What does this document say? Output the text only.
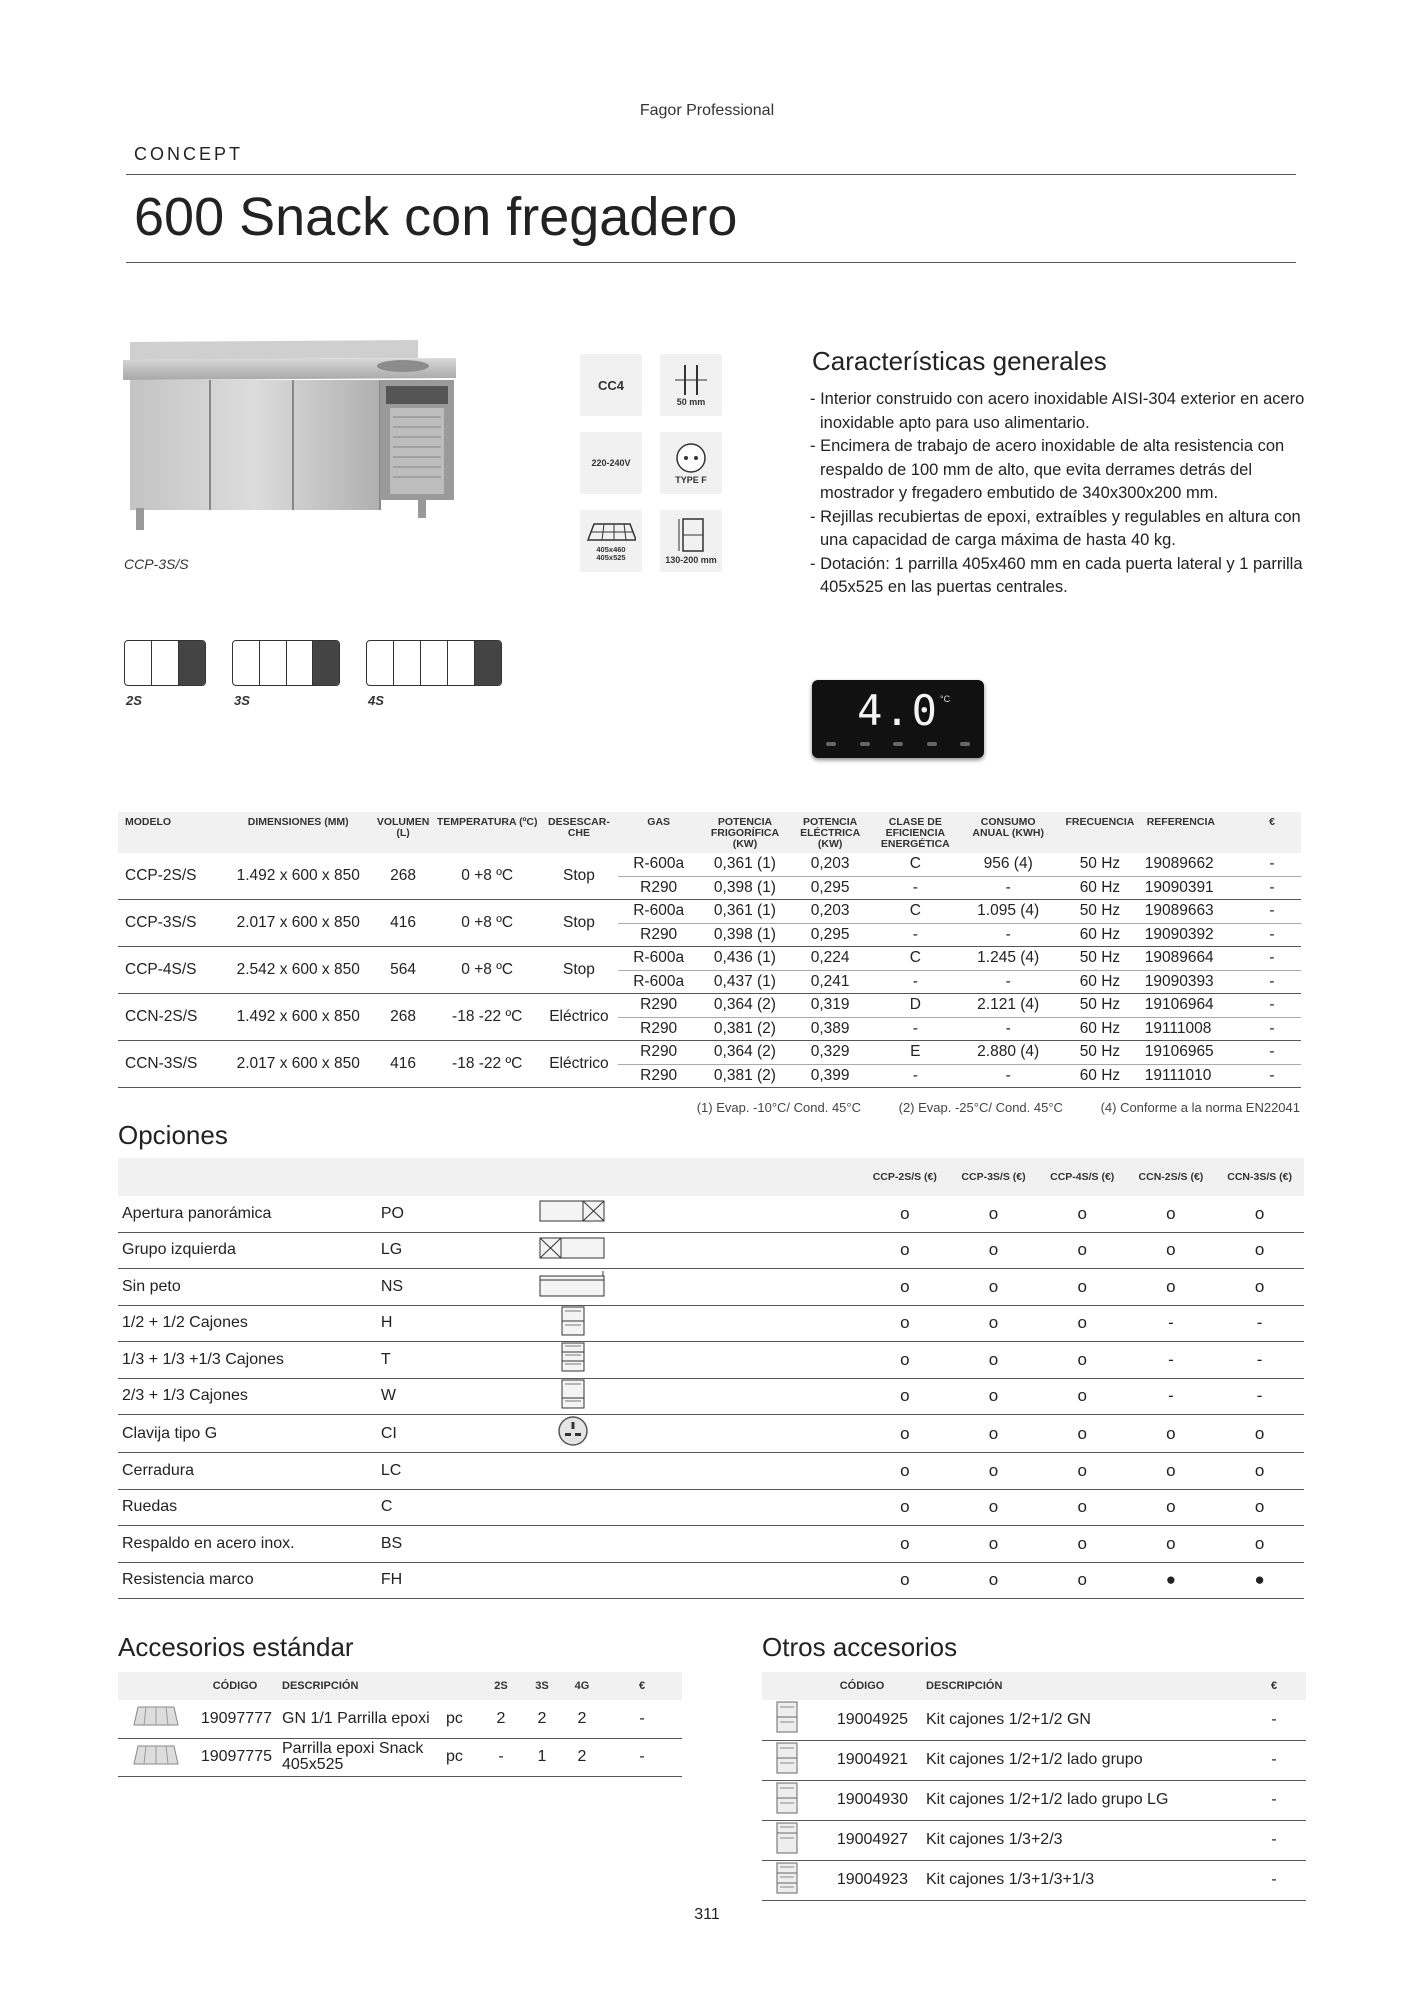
Fagor Professional
CONCEPT
600 Snack con fregadero
CCP-3S/S
CC4
50 mm
220-240V
TYPE F
405x460 405x525	130-200 mm
Características generales
- Interior construido con acero inoxidable AISI-304 exterior en acero inoxidable apto para uso alimentario.
- Encimera de trabajo de acero inoxidable de alta resistencia con respaldo de 100 mm de alto, que evita derrames detrás del mostrador y fregadero embutido de 340x300x200 mm.
- Rejillas recubiertas de epoxi, extraíbles y regulables en altura con una capacidad de carga máxima de hasta 40 kg.
- Dotación: 1 parrilla 405x460 mm en cada puerta lateral y 1 parrilla 405x525 en las puertas centrales.
2S	3S	4S	4.0 °C
MODELO	DIMENSIONES (MM)	VOLUMEN (L)	TEMPERATURA (ºC)	DESESCAR-CHE	GAS	POTENCIA FRIGORÍFICA (KW)	POTENCIA ELÉCTRICA (KW)	CLASE DE EFICIENCIA ENERGÉTICA	CONSUMO ANUAL (KWH)	FRECUENCIA	REFERENCIA	€
CCP-2S/S	1.492 x 600 x 850	268	0 +8 ºC	Stop	R-600a	0,361 (1)	0,203	C	956 (4)	50 Hz	19089662	-
					R290	0,398 (1)	0,295	-	-	60 Hz	19090391	-
CCP-3S/S	2.017 x 600 x 850	416	0 +8 ºC	Stop	R-600a	0,361 (1)	0,203	C	1.095 (4)	50 Hz	19089663	-
					R290	0,398 (1)	0,295	-	-	60 Hz	19090392	-
CCP-4S/S	2.542 x 600 x 850	564	0 +8 ºC	Stop	R-600a	0,436 (1)	0,224	C	1.245 (4)	50 Hz	19089664	-
					R-600a	0,437 (1)	0,241	-	-	60 Hz	19090393	-
CCN-2S/S	1.492 x 600 x 850	268	-18 -22 ºC	Eléctrico	R290	0,364 (2)	0,319	D	2.121 (4)	50 Hz	19106964	-
					R290	0,381 (2)	0,389	-	-	60 Hz	19111008	-
CCN-3S/S	2.017 x 600 x 850	416	-18 -22 ºC	Eléctrico	R290	0,364 (2)	0,329	E	2.880 (4)	50 Hz	19106965	-
					R290	0,381 (2)	0,399	-	-	60 Hz	19111010	-
(1) Evap. -10°C/ Cond. 45°C	(2) Evap. -25°C/ Cond. 45°C	(4) Conforme a la norma EN22041
Opciones
			CCP-2S/S (€)	CCP-3S/S (€)	CCP-4S/S (€)	CCN-2S/S (€)	CCN-3S/S (€)
Apertura panorámica	PO		o	o	o	o	o
Grupo izquierda	LG		o	o	o	o	o
Sin peto	NS		o	o	o	o	o
1/2 + 1/2 Cajones	H		o	o	o	-	-
1/3 + 1/3 +1/3 Cajones	T		o	o	o	-	-
2/3 + 1/3 Cajones	W		o	o	o	-	-
Clavija tipo G	CI		o	o	o	o	o
Cerradura	LC		o	o	o	o	o
Ruedas	C		o	o	o	o	o
Respaldo en acero inox.	BS		o	o	o	o	o
Resistencia marco	FH		o	o	o	●	●
Accesorios estándar
	CÓDIGO	DESCRIPCIÓN		2S	3S	4G	€
	19097777	GN 1/1 Parrilla epoxi	pc	2	2	2	-
	19097775	Parrilla epoxi Snack 405x525	pc	-	1	2	-
Otros accesorios
	CÓDIGO	DESCRIPCIÓN	€
	19004925	Kit cajones 1/2+1/2 GN	-
	19004921	Kit cajones 1/2+1/2 lado grupo	-
	19004930	Kit cajones 1/2+1/2 lado grupo LG	-
	19004927	Kit cajones 1/3+2/3	-
	19004923	Kit cajones 1/3+1/3+1/3	-
311
